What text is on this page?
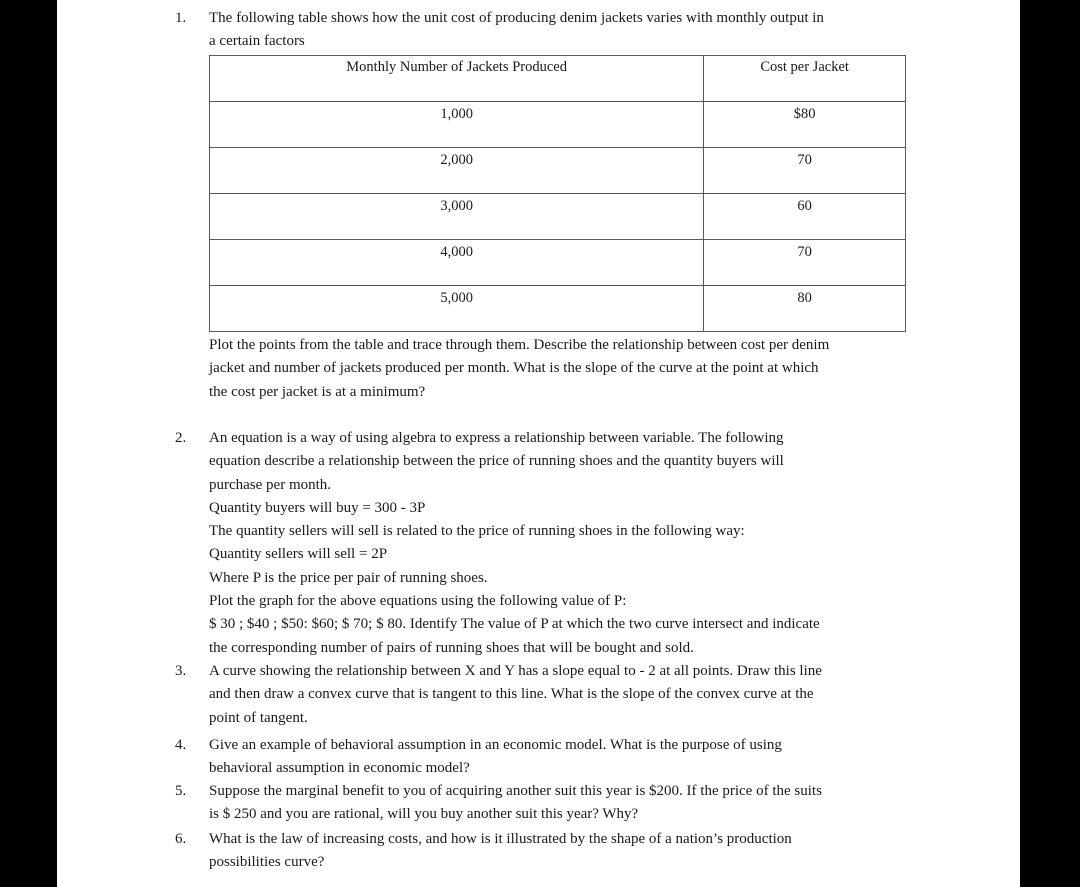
1. The following table shows how the unit cost of producing denim jackets varies with monthly output in
a certain factors
Monthly Number of Jackets Produced	Cost per Jacket
1,000	$80
2,000	70
3,000	60
4,000	70
5,000	80
Plot the points from the table and trace through them. Describe the relationship between cost per denim
jacket and number of jackets produced per month. What is the slope of the curve at the point at which
the cost per jacket is at a minimum?
2. An equation is a way of using algebra to express a relationship between variable. The following
equation describe a relationship between the price of running shoes and the quantity buyers will
purchase per month.
Quantity buyers will buy = 300 - 3P
The quantity sellers will sell is related to the price of running shoes in the following way:
Quantity sellers will sell = 2P
Where P is the price per pair of running shoes.
Plot the graph for the above equations using the following value of P:
$ 30 ; $40 ; $50: $60; $ 70; $ 80. Identify The value of P at which the two curve intersect and indicate
the corresponding number of pairs of running shoes that will be bought and sold.
3. A curve showing the relationship between X and Y has a slope equal to - 2 at all points. Draw this line
and then draw a convex curve that is tangent to this line. What is the slope of the convex curve at the
point of tangent.
4. Give an example of behavioral assumption in an economic model. What is the purpose of using
behavioral assumption in economic model?
5. Suppose the marginal benefit to you of acquiring another suit this year is $200. If the price of the suits
is $ 250 and you are rational, will you buy another suit this year? Why?
6. What is the law of increasing costs, and how is it illustrated by the shape of a nation’s production
possibilities curve?
